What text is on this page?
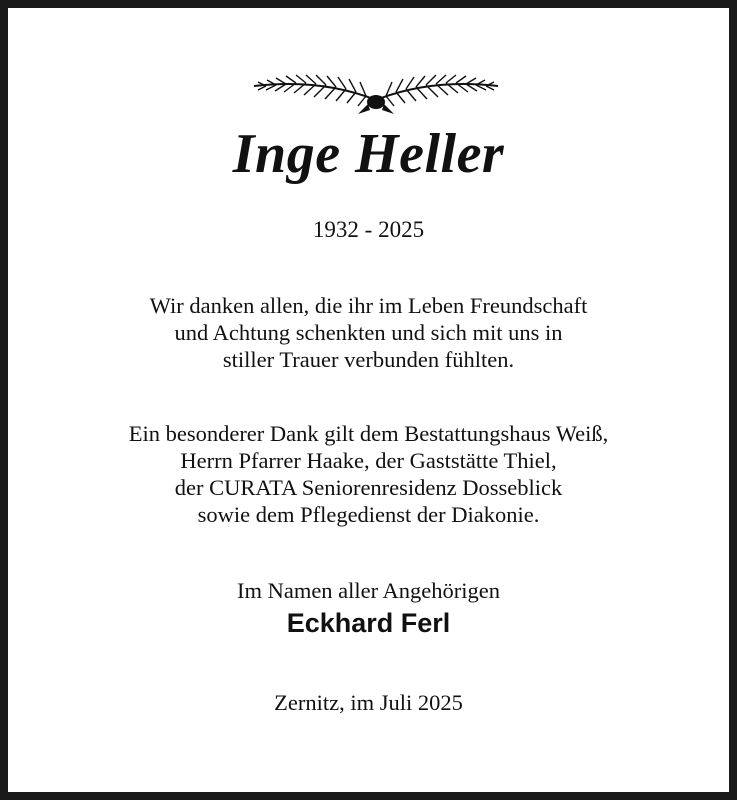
Inge Heller
1932 - 2025
Wir danken allen, die ihr im Leben Freundschaft
und Achtung schenkten und sich mit uns in
stiller Trauer verbunden fühlten.
Ein besonderer Dank gilt dem Bestattungshaus Weiß,
Herrn Pfarrer Haake, der Gaststätte Thiel,
der CURATA Seniorenresidenz Dosseblick
sowie dem Pflegedienst der Diakonie.
Im Namen aller Angehörigen
Eckhard Ferl
Zernitz, im Juli 2025
